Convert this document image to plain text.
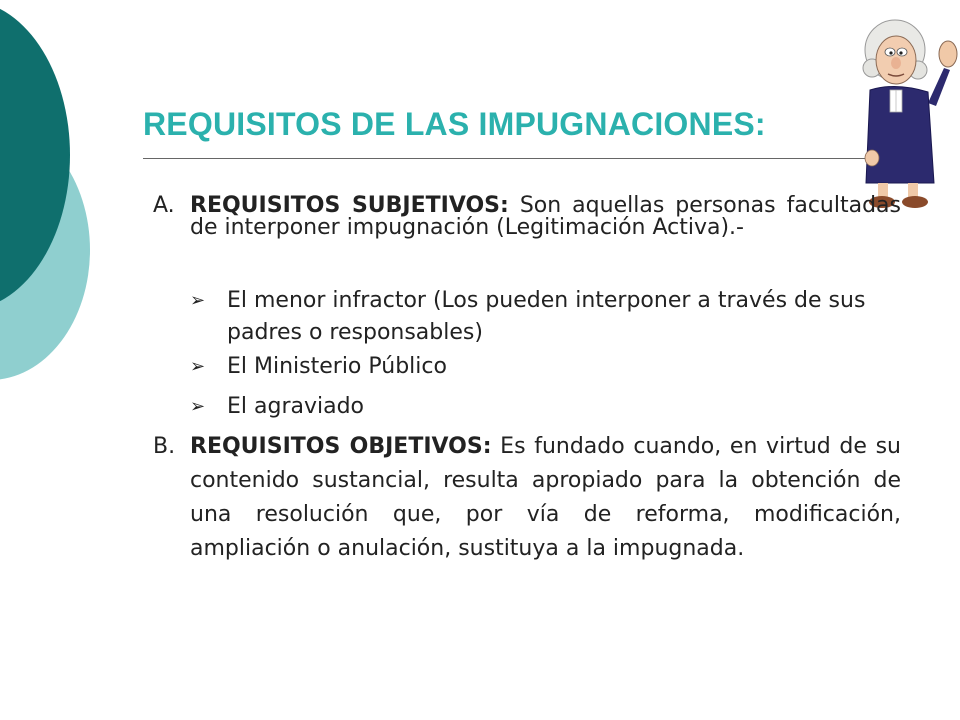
REQUISITOS DE LAS IMPUGNACIONES:
A. REQUISITOS SUBJETIVOS: Son aquellas personas facultadas de interponer impugnación (Legitimación Activa).-
➢ El menor infractor (Los pueden interponer a través de sus padres o responsables)
➢ El Ministerio Público
➢ El agraviado
B. REQUISITOS OBJETIVOS: Es fundado cuando, en virtud de su contenido sustancial, resulta apropiado para la obtención de una resolución que, por vía de reforma, modificación, ampliación o anulación, sustituya a la impugnada.
